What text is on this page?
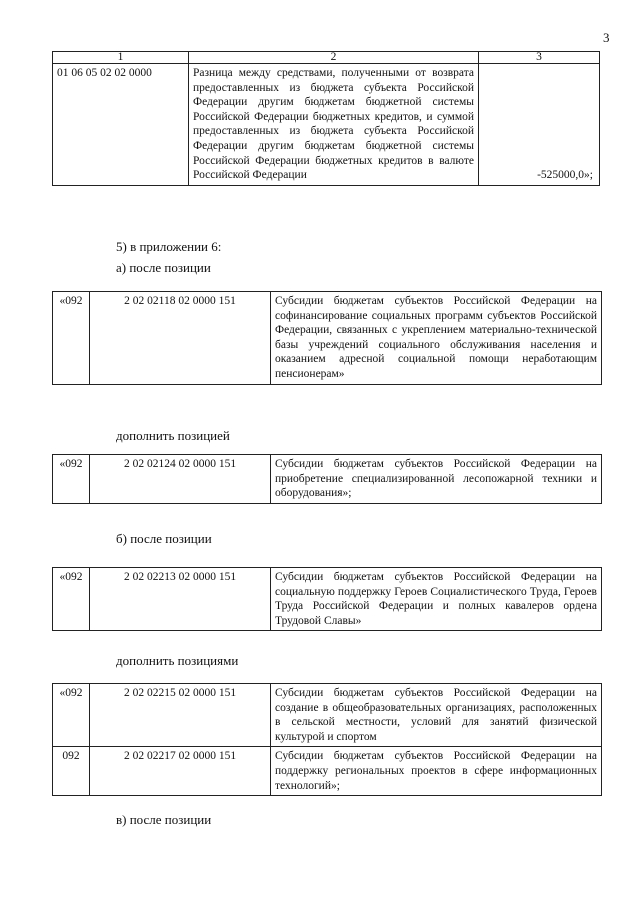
3
1	2	3
01 06 05 02 02 0000	Разница между средствами, полученными от возврата предоставленных из бюджета субъекта Российской Федерации другим бюджетам бюджетной системы Российской Федерации бюджетных кредитов, и суммой предоставленных из бюджета субъекта Российской Федерации другим бюджетам бюджетной системы Российской Федерации бюджетных кредитов в валюте Российской Федерации	-525000,0»;
5) в приложении 6:
а) после позиции
«092	2 02 02118 02 0000 151	Субсидии бюджетам субъектов Российской Федерации на софинансирование социальных программ субъектов Российской Федерации, связанных с укреплением материально-технической базы учреждений социального обслуживания населения и оказанием адресной социальной помощи неработающим пенсионерам»
дополнить позицией
«092	2 02 02124 02 0000 151	Субсидии бюджетам субъектов Российской Федерации на приобретение специализированной лесопожарной техники и оборудования»;
б) после позиции
«092	2 02 02213 02 0000 151	Субсидии бюджетам субъектов Российской Федерации на социальную поддержку Героев Социалистического Труда, Героев Труда Российской Федерации и полных кавалеров ордена Трудовой Славы»
дополнить позициями
«092	2 02 02215 02 0000 151	Субсидии бюджетам субъектов Российской Федерации на создание в общеобразовательных организациях, расположенных в сельской местности, условий для занятий физической культурой и спортом
092	2 02 02217 02 0000 151	Субсидии бюджетам субъектов Российской Федерации на поддержку региональных проектов в сфере информационных технологий»;
в) после позиции
